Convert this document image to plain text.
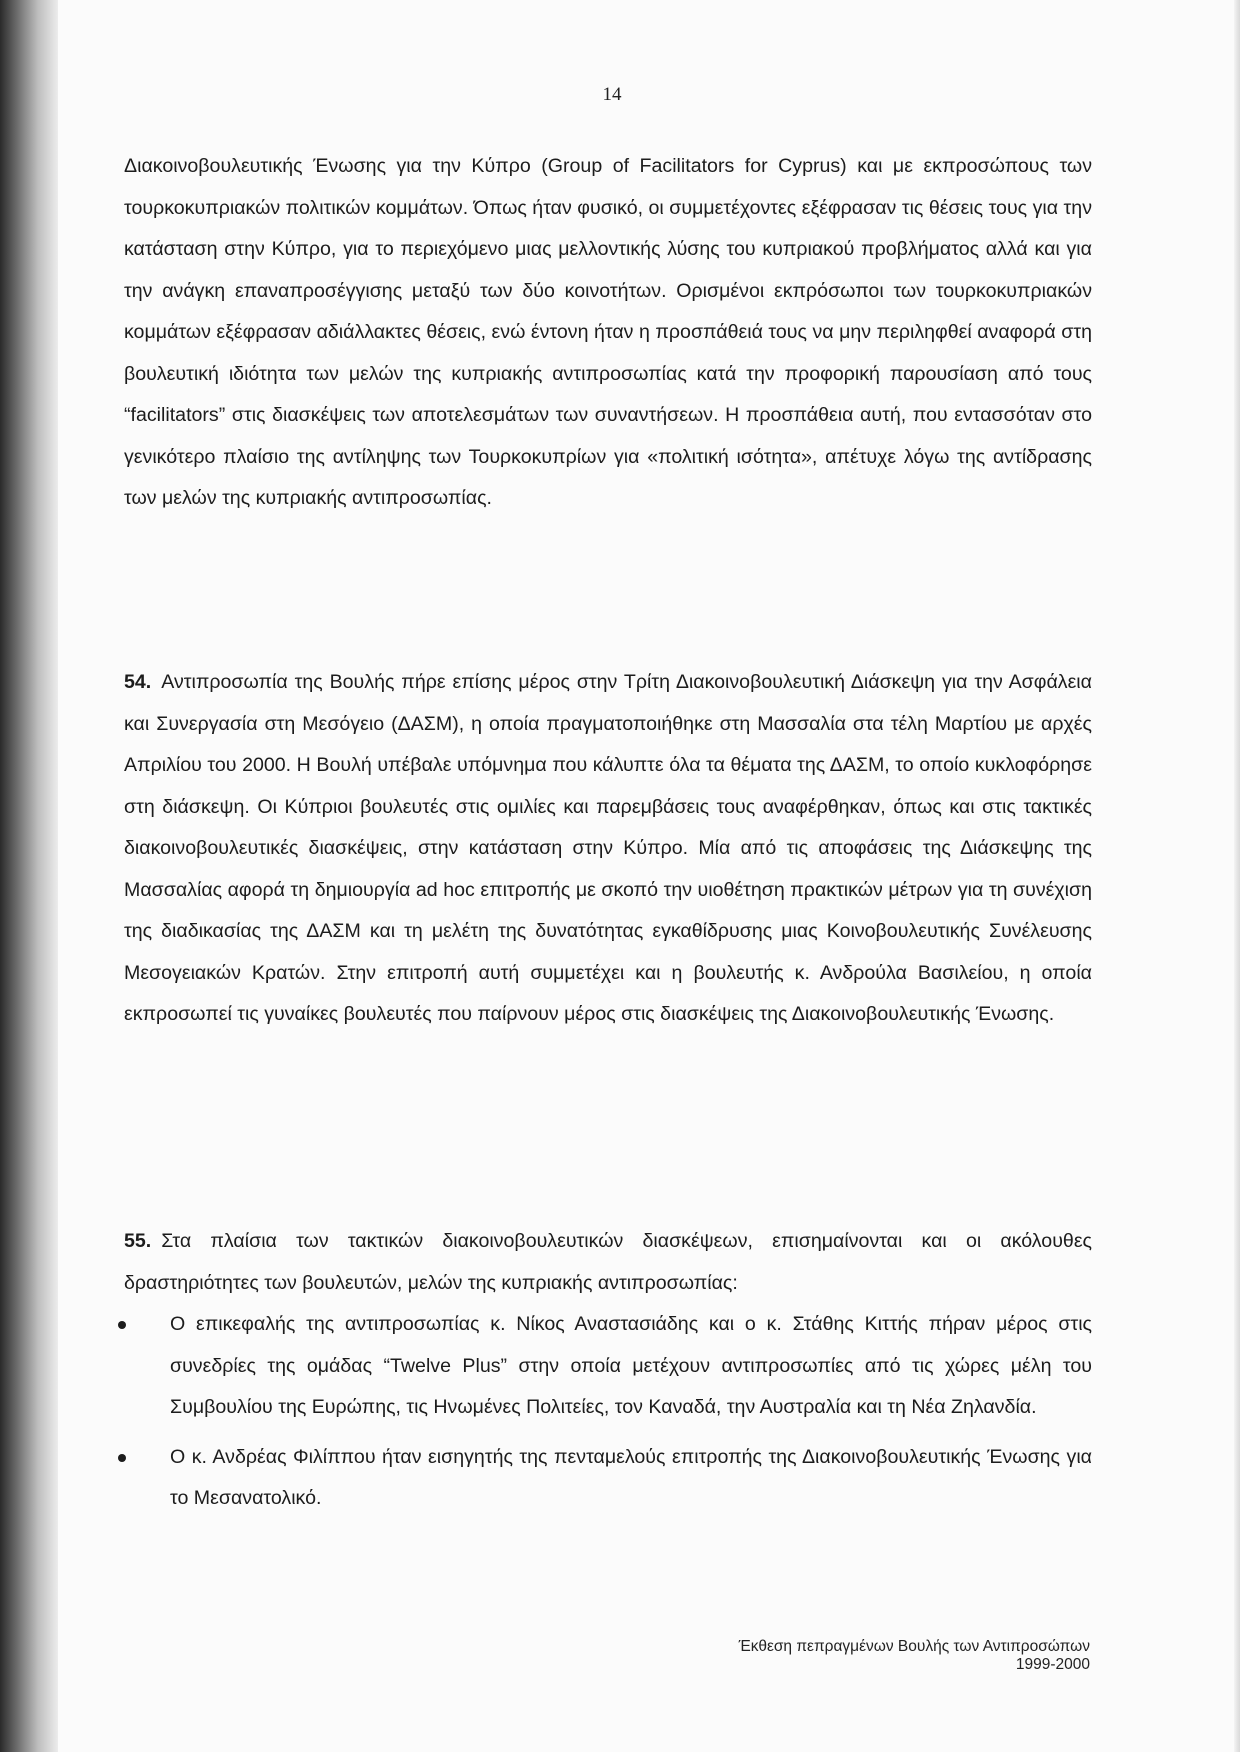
14

Διακοινοβουλευτικής Ένωσης για την Κύπρο (Group of Facilitators for Cyprus) και με εκπροσώπους των τουρκοκυπριακών πολιτικών κομμάτων. Όπως ήταν φυσικό, οι συμμετέχοντες εξέφρασαν τις θέσεις τους για την κατάσταση στην Κύπρο, για το περιεχόμενο μιας μελλοντικής λύσης του κυπριακού προβλήματος αλλά και για την ανάγκη επαναπροσέγγισης μεταξύ των δύο κοινοτήτων. Ορισμένοι εκπρόσωποι των τουρκοκυπριακών κομμάτων εξέφρασαν αδιάλλακτες θέσεις, ενώ έντονη ήταν η προσπάθειά τους να μην περιληφθεί αναφορά στη βουλευτική ιδιότητα των μελών της κυπριακής αντιπροσωπίας κατά την προφορική παρουσίαση από τους “facilitators” στις διασκέψεις των αποτελεσμάτων των συναντήσεων. Η προσπάθεια αυτή, που εντασσόταν στο γενικότερο πλαίσιο της αντίληψης των Τουρκοκυπρίων για «πολιτική ισότητα», απέτυχε λόγω της αντίδρασης των μελών της κυπριακής αντιπροσωπίας.

54. Αντιπροσωπία της Βουλής πήρε επίσης μέρος στην Τρίτη Διακοινοβουλευτική Διάσκεψη για την Ασφάλεια και Συνεργασία στη Μεσόγειο (ΔΑΣΜ), η οποία πραγματοποιήθηκε στη Μασσαλία στα τέλη Μαρτίου με αρχές Απριλίου του 2000. Η Βουλή υπέβαλε υπόμνημα που κάλυπτε όλα τα θέματα της ΔΑΣΜ, το οποίο κυκλοφόρησε στη διάσκεψη. Οι Κύπριοι βουλευτές στις ομιλίες και παρεμβάσεις τους αναφέρθηκαν, όπως και στις τακτικές διακοινοβουλευτικές διασκέψεις, στην κατάσταση στην Κύπρο. Μία από τις αποφάσεις της Διάσκεψης της Μασσαλίας αφορά τη δημιουργία ad hoc επιτροπής με σκοπό την υιοθέτηση πρακτικών μέτρων για τη συνέχιση της διαδικασίας της ΔΑΣΜ και τη μελέτη της δυνατότητας εγκαθίδρυσης μιας Κοινοβουλευτικής Συνέλευσης Μεσογειακών Κρατών. Στην επιτροπή αυτή συμμετέχει και η βουλευτής κ. Ανδρούλα Βασιλείου, η οποία εκπροσωπεί τις γυναίκες βουλευτές που παίρνουν μέρος στις διασκέψεις της Διακοινοβουλευτικής Ένωσης.

55. Στα πλαίσια των τακτικών διακοινοβουλευτικών διασκέψεων, επισημαίνονται και οι ακόλουθες δραστηριότητες των βουλευτών, μελών της κυπριακής αντιπροσωπίας:

Ο επικεφαλής της αντιπροσωπίας κ. Νίκος Αναστασιάδης και ο κ. Στάθης Κιττής πήραν μέρος στις συνεδρίες της ομάδας “Twelve Plus” στην οποία μετέχουν αντιπροσωπίες από τις χώρες μέλη του Συμβουλίου της Ευρώπης, τις Ηνωμένες Πολιτείες, τον Καναδά, την Αυστραλία και τη Νέα Ζηλανδία.
Ο κ. Ανδρέας Φιλίππου ήταν εισηγητής της πενταμελούς επιτροπής της Διακοινοβουλευτικής Ένωσης για το Μεσανατολικό.
Έκθεση πεπραγμένων Βουλής των Αντιπροσώπων 1999-2000
